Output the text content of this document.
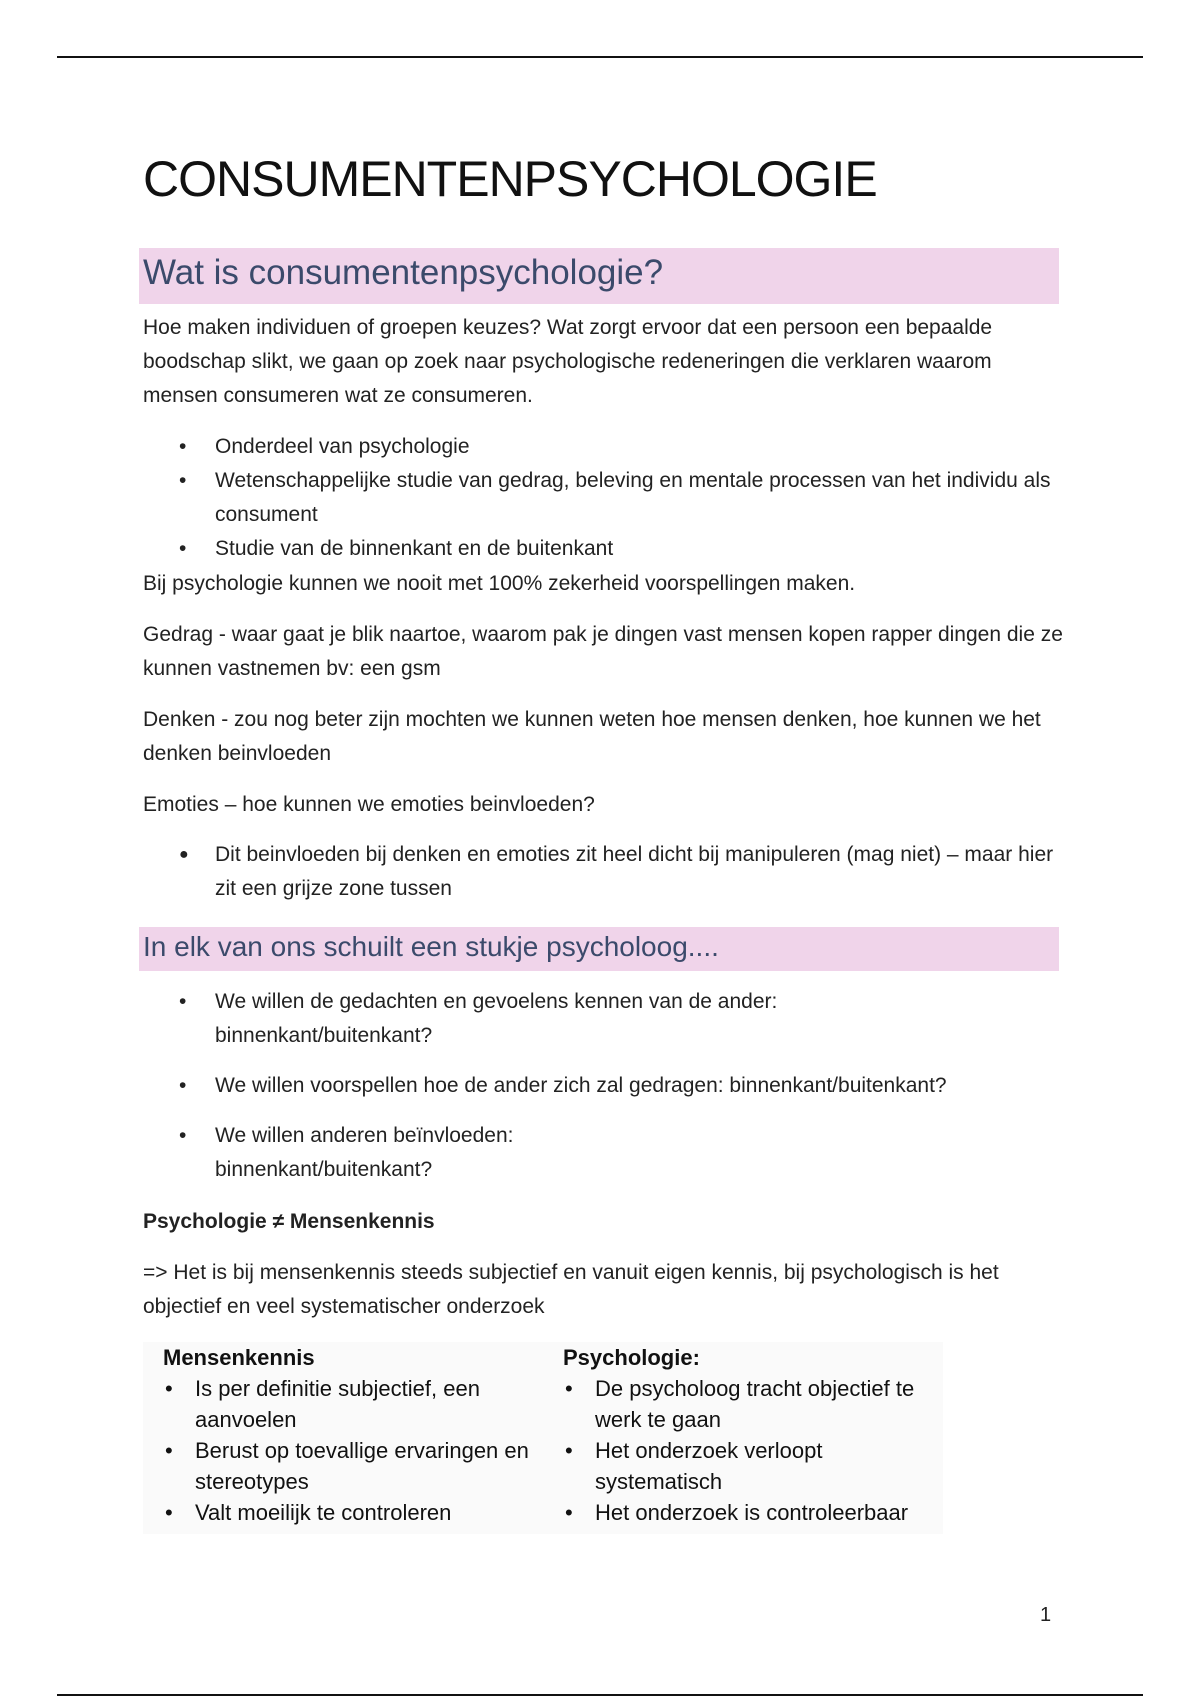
CONSUMENTENPSYCHOLOGIE
Wat is consumentenpsychologie?

Hoe maken individuen of groepen keuzes? Wat zorgt ervoor dat een persoon een bepaalde boodschap slikt, we gaan op zoek naar psychologische redeneringen die verklaren waarom mensen consumeren wat ze consumeren.

• Onderdeel van psychologie
• Wetenschappelijke studie van gedrag, beleving en mentale processen van het individu als consument
• Studie van de binnenkant en de buitenkant

Bij psychologie kunnen we nooit met 100% zekerheid voorspellingen maken.

Gedrag - waar gaat je blik naartoe, waarom pak je dingen vast mensen kopen rapper dingen die ze kunnen vastnemen bv: een gsm

Denken - zou nog beter zijn mochten we kunnen weten hoe mensen denken, hoe kunnen we het denken beinvloeden

Emoties – hoe kunnen we emoties beinvloeden?

● Dit beinvloeden bij denken en emoties zit heel dicht bij manipuleren (mag niet) – maar hier zit een grijze zone tussen
In elk van ons schuilt een stukje psycholoog....
• We willen de gedachten en gevoelens kennen van de ander:
binnenkant/buitenkant?
• We willen voorspellen hoe de ander zich zal gedragen: binnenkant/buitenkant?
• We willen anderen beïnvloeden:
binnenkant/buitenkant?

Psychologie ≠ Mensenkennis

=> Het is bij mensenkennis steeds subjectief en vanuit eigen kennis, bij psychologisch is het objectief en veel systematischer onderzoek

Mensenkennis
• Is per definitie subjectief, een aanvoelen
• Berust op toevallige ervaringen en stereotypes
• Valt moeilijk te controleren
Psychologie:
• De psycholoog tracht objectief te werk te gaan
• Het onderzoek verloopt systematisch
• Het onderzoek is controleerbaar
1
